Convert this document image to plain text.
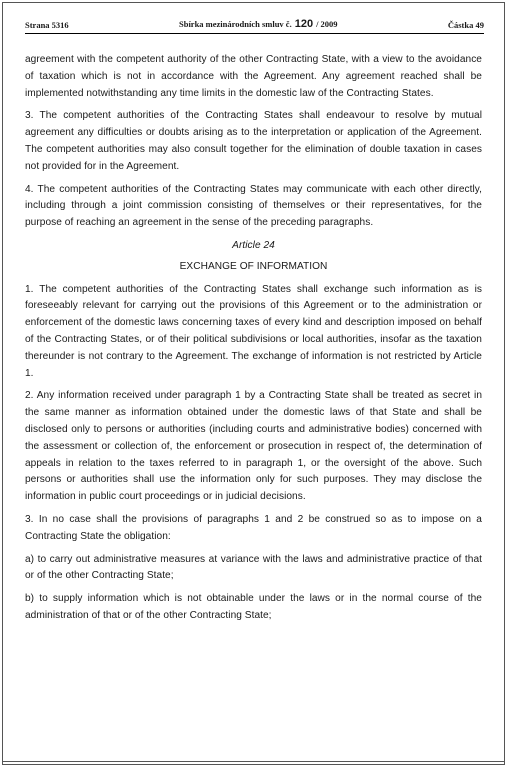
Strana 5316	Sbírka mezinárodních smluv č. 120 / 2009	Částka 49

agreement with the competent authority of the other Contracting State, with a view to the avoidance of taxation which is not in accordance with the Agreement. Any agreement reached shall be implemented notwithstanding any time limits in the domestic law of the Contracting States.

3. The competent authorities of the Contracting States shall endeavour to resolve by mutual agreement any difficulties or doubts arising as to the interpretation or application of the Agreement. The competent authorities may also consult together for the elimination of double taxation in cases not provided for in the Agreement.

4. The competent authorities of the Contracting States may communicate with each other directly, including through a joint commission consisting of themselves or their representatives, for the purpose of reaching an agreement in the sense of the preceding paragraphs.

Article 24
EXCHANGE OF INFORMATION

1. The competent authorities of the Contracting States shall exchange such information as is foreseeably relevant for carrying out the provisions of this Agreement or to the administration or enforcement of the domestic laws concerning taxes of every kind and description imposed on behalf of the Contracting States, or of their political subdivisions or local authorities, insofar as the taxation thereunder is not contrary to the Agreement. The exchange of information is not restricted by Article 1.

2. Any information received under paragraph 1 by a Contracting State shall be treated as secret in the same manner as information obtained under the domestic laws of that State and shall be disclosed only to persons or authorities (including courts and administrative bodies) concerned with the assessment or collection of, the enforcement or prosecution in respect of, the determination of appeals in relation to the taxes referred to in paragraph 1, or the oversight of the above. Such persons or authorities shall use the information only for such purposes. They may disclose the information in public court proceedings or in judicial decisions.

3. In no case shall the provisions of paragraphs 1 and 2 be construed so as to impose on a Contracting State the obligation:

a) to carry out administrative measures at variance with the laws and administrative practice of that or of the other Contracting State;

b) to supply information which is not obtainable under the laws or in the normal course of the administration of that or of the other Contracting State;
